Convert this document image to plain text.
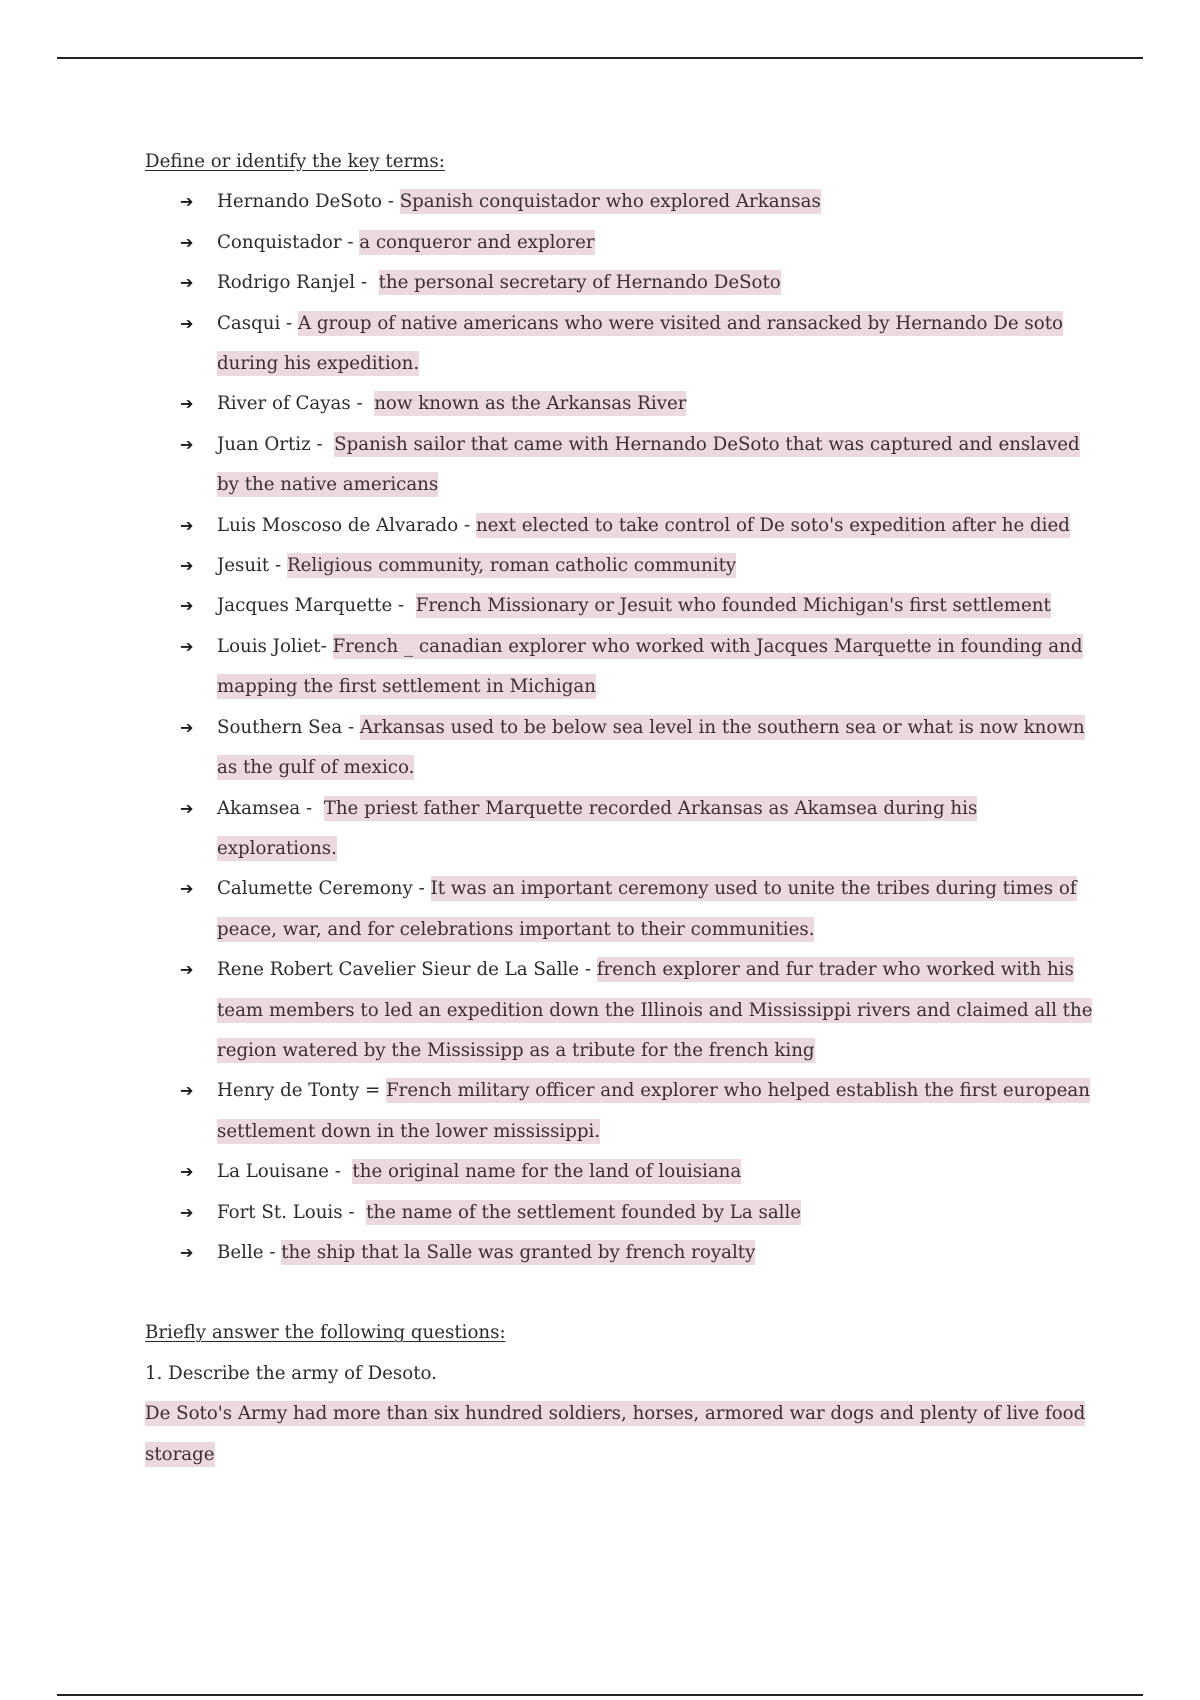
Define or identify the key terms:
➔ Hernando DeSoto - Spanish conquistador who explored Arkansas
➔ Conquistador - a conqueror and explorer
➔ Rodrigo Ranjel -  the personal secretary of Hernando DeSoto
➔ Casqui - A group of native americans who were visited and ransacked by Hernando De soto during his expedition.
➔ River of Cayas -  now known as the Arkansas River
➔ Juan Ortiz -  Spanish sailor that came with Hernando DeSoto that was captured and enslaved by the native americans
➔ Luis Moscoso de Alvarado - next elected to take control of De soto's expedition after he died
➔ Jesuit - Religious community, roman catholic community
➔ Jacques Marquette -  French Missionary or Jesuit who founded Michigan's first settlement
➔ Louis Joliet- French _ canadian explorer who worked with Jacques Marquette in founding and mapping the first settlement in Michigan
➔ Southern Sea - Arkansas used to be below sea level in the southern sea or what is now known as the gulf of mexico.
➔ Akamsea -  The priest father Marquette recorded Arkansas as Akamsea during his explorations.
➔ Calumette Ceremony - It was an important ceremony used to unite the tribes during times of peace, war, and for celebrations important to their communities.
➔ Rene Robert Cavelier Sieur de La Salle - french explorer and fur trader who worked with his team members to led an expedition down the Illinois and Mississippi rivers and claimed all the region watered by the Mississipp as a tribute for the french king
➔ Henry de Tonty = French military officer and explorer who helped establish the first european settlement down in the lower mississippi.
➔ La Louisane -  the original name for the land of louisiana
➔ Fort St. Louis -  the name of the settlement founded by La salle
➔ Belle - the ship that la Salle was granted by french royalty
Briefly answer the following questions:
1. Describe the army of Desoto.
De Soto's Army had more than six hundred soldiers, horses, armored war dogs and plenty of live food storage
